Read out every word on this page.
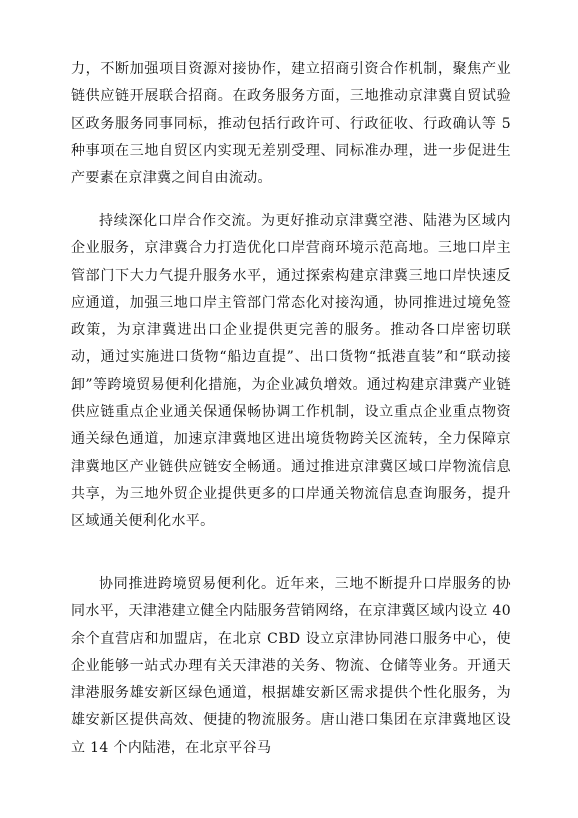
力，不断加强项目资源对接协作，建立招商引资合作机制，聚焦产业链供应链开展联合招商。在政务服务方面，三地推动京津冀自贸试验区政务服务同事同标，推动包括行政许可、行政征收、行政确认等 5 种事项在三地自贸区内实现无差别受理、同标准办理，进一步促进生产要素在京津冀之间自由流动。

持续深化口岸合作交流。为更好推动京津冀空港、陆港为区域内企业服务，京津冀合力打造优化口岸营商环境示范高地。三地口岸主管部门下大力气提升服务水平，通过探索构建京津冀三地口岸快速反应通道，加强三地口岸主管部门常态化对接沟通，协同推进过境免签政策，为京津冀进出口企业提供更完善的服务。推动各口岸密切联动，通过实施进口货物“船边直提”、出口货物“抵港直装”和“联动接卸”等跨境贸易便利化措施，为企业减负增效。通过构建京津冀产业链供应链重点企业通关保通保畅协调工作机制，设立重点企业重点物资通关绿色通道，加速京津冀地区进出境货物跨关区流转，全力保障京津冀地区产业链供应链安全畅通。通过推进京津冀区域口岸物流信息共享，为三地外贸企业提供更多的口岸通关物流信息查询服务，提升区域通关便利化水平。

协同推进跨境贸易便利化。近年来，三地不断提升口岸服务的协同水平，天津港建立健全内陆服务营销网络，在京津冀区域内设立 40 余个直营店和加盟店，在北京 CBD 设立京津协同港口服务中心，使企业能够一站式办理有关天津港的关务、物流、仓储等业务。开通天津港服务雄安新区绿色通道，根据雄安新区需求提供个性化服务，为雄安新区提供高效、便捷的物流服务。唐山港口集团在京津冀地区设立 14 个内陆港，在北京平谷马
